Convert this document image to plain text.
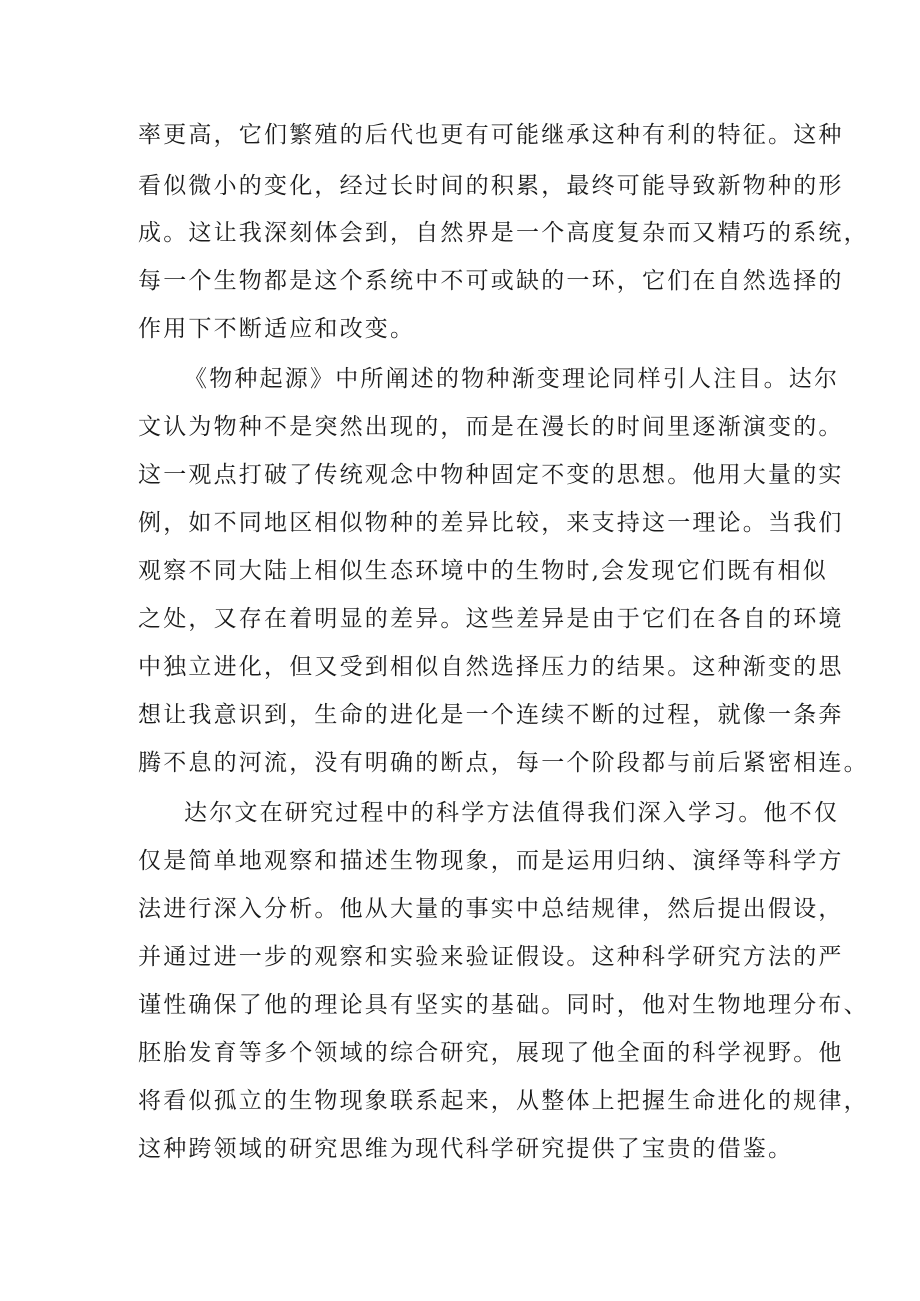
率更高，它们繁殖的后代也更有可能继承这种有利的特征。这种
看似微小的变化，经过长时间的积累，最终可能导致新物种的形
成。这让我深刻体会到，自然界是一个高度复杂而又精巧的系统，
每一个生物都是这个系统中不可或缺的一环，它们在自然选择的
作用下不断适应和改变。
《物种起源》中所阐述的物种渐变理论同样引人注目。达尔
文认为物种不是突然出现的，而是在漫长的时间里逐渐演变的。
这一观点打破了传统观念中物种固定不变的思想。他用大量的实
例，如不同地区相似物种的差异比较，来支持这一理论。当我们
观察不同大陆上相似生态环境中的生物时,会发现它们既有相似
之处，又存在着明显的差异。这些差异是由于它们在各自的环境
中独立进化，但又受到相似自然选择压力的结果。这种渐变的思
想让我意识到，生命的进化是一个连续不断的过程，就像一条奔
腾不息的河流，没有明确的断点，每一个阶段都与前后紧密相连。
达尔文在研究过程中的科学方法值得我们深入学习。他不仅
仅是简单地观察和描述生物现象，而是运用归纳、演绎等科学方
法进行深入分析。他从大量的事实中总结规律，然后提出假设，
并通过进一步的观察和实验来验证假设。这种科学研究方法的严
谨性确保了他的理论具有坚实的基础。同时，他对生物地理分布、
胚胎发育等多个领域的综合研究，展现了他全面的科学视野。他
将看似孤立的生物现象联系起来，从整体上把握生命进化的规律，
这种跨领域的研究思维为现代科学研究提供了宝贵的借鉴。
